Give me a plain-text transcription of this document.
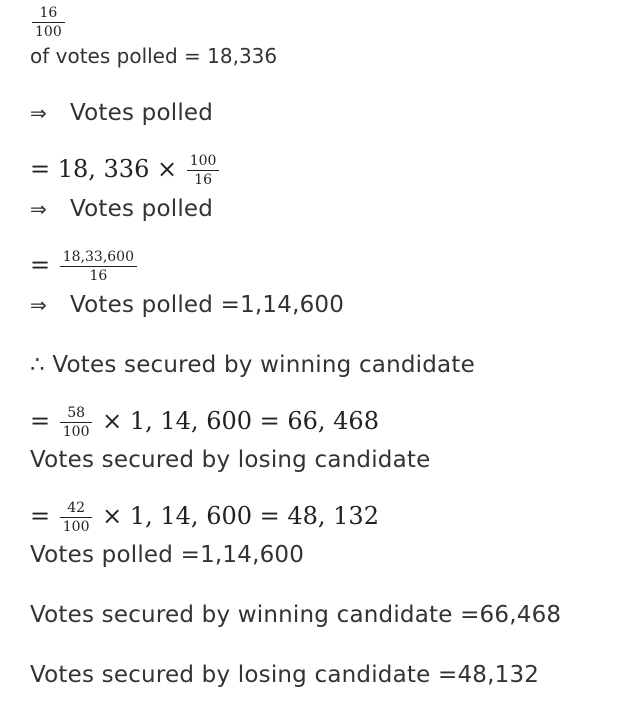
$\frac{16}{100}$
of votes polled = 18,336
⇒ Votes polled
= 18, $336 \times \frac{100}{16}$
⇒ Votes polled
= $\frac{18,33,600}{16}$
⇒ Votes polled =1,14,600
∴ Votes secured by winning candidate
= $\frac{58}{100} \times 1$, 14, 600 = 66, 468
Votes secured by losing candidate
= $\frac{42}{100} \times 1$, 14, 600 = 48, 132
Votes polled =1,14,600
Votes secured by winning candidate =66,468
Votes secured by losing candidate =48,132
